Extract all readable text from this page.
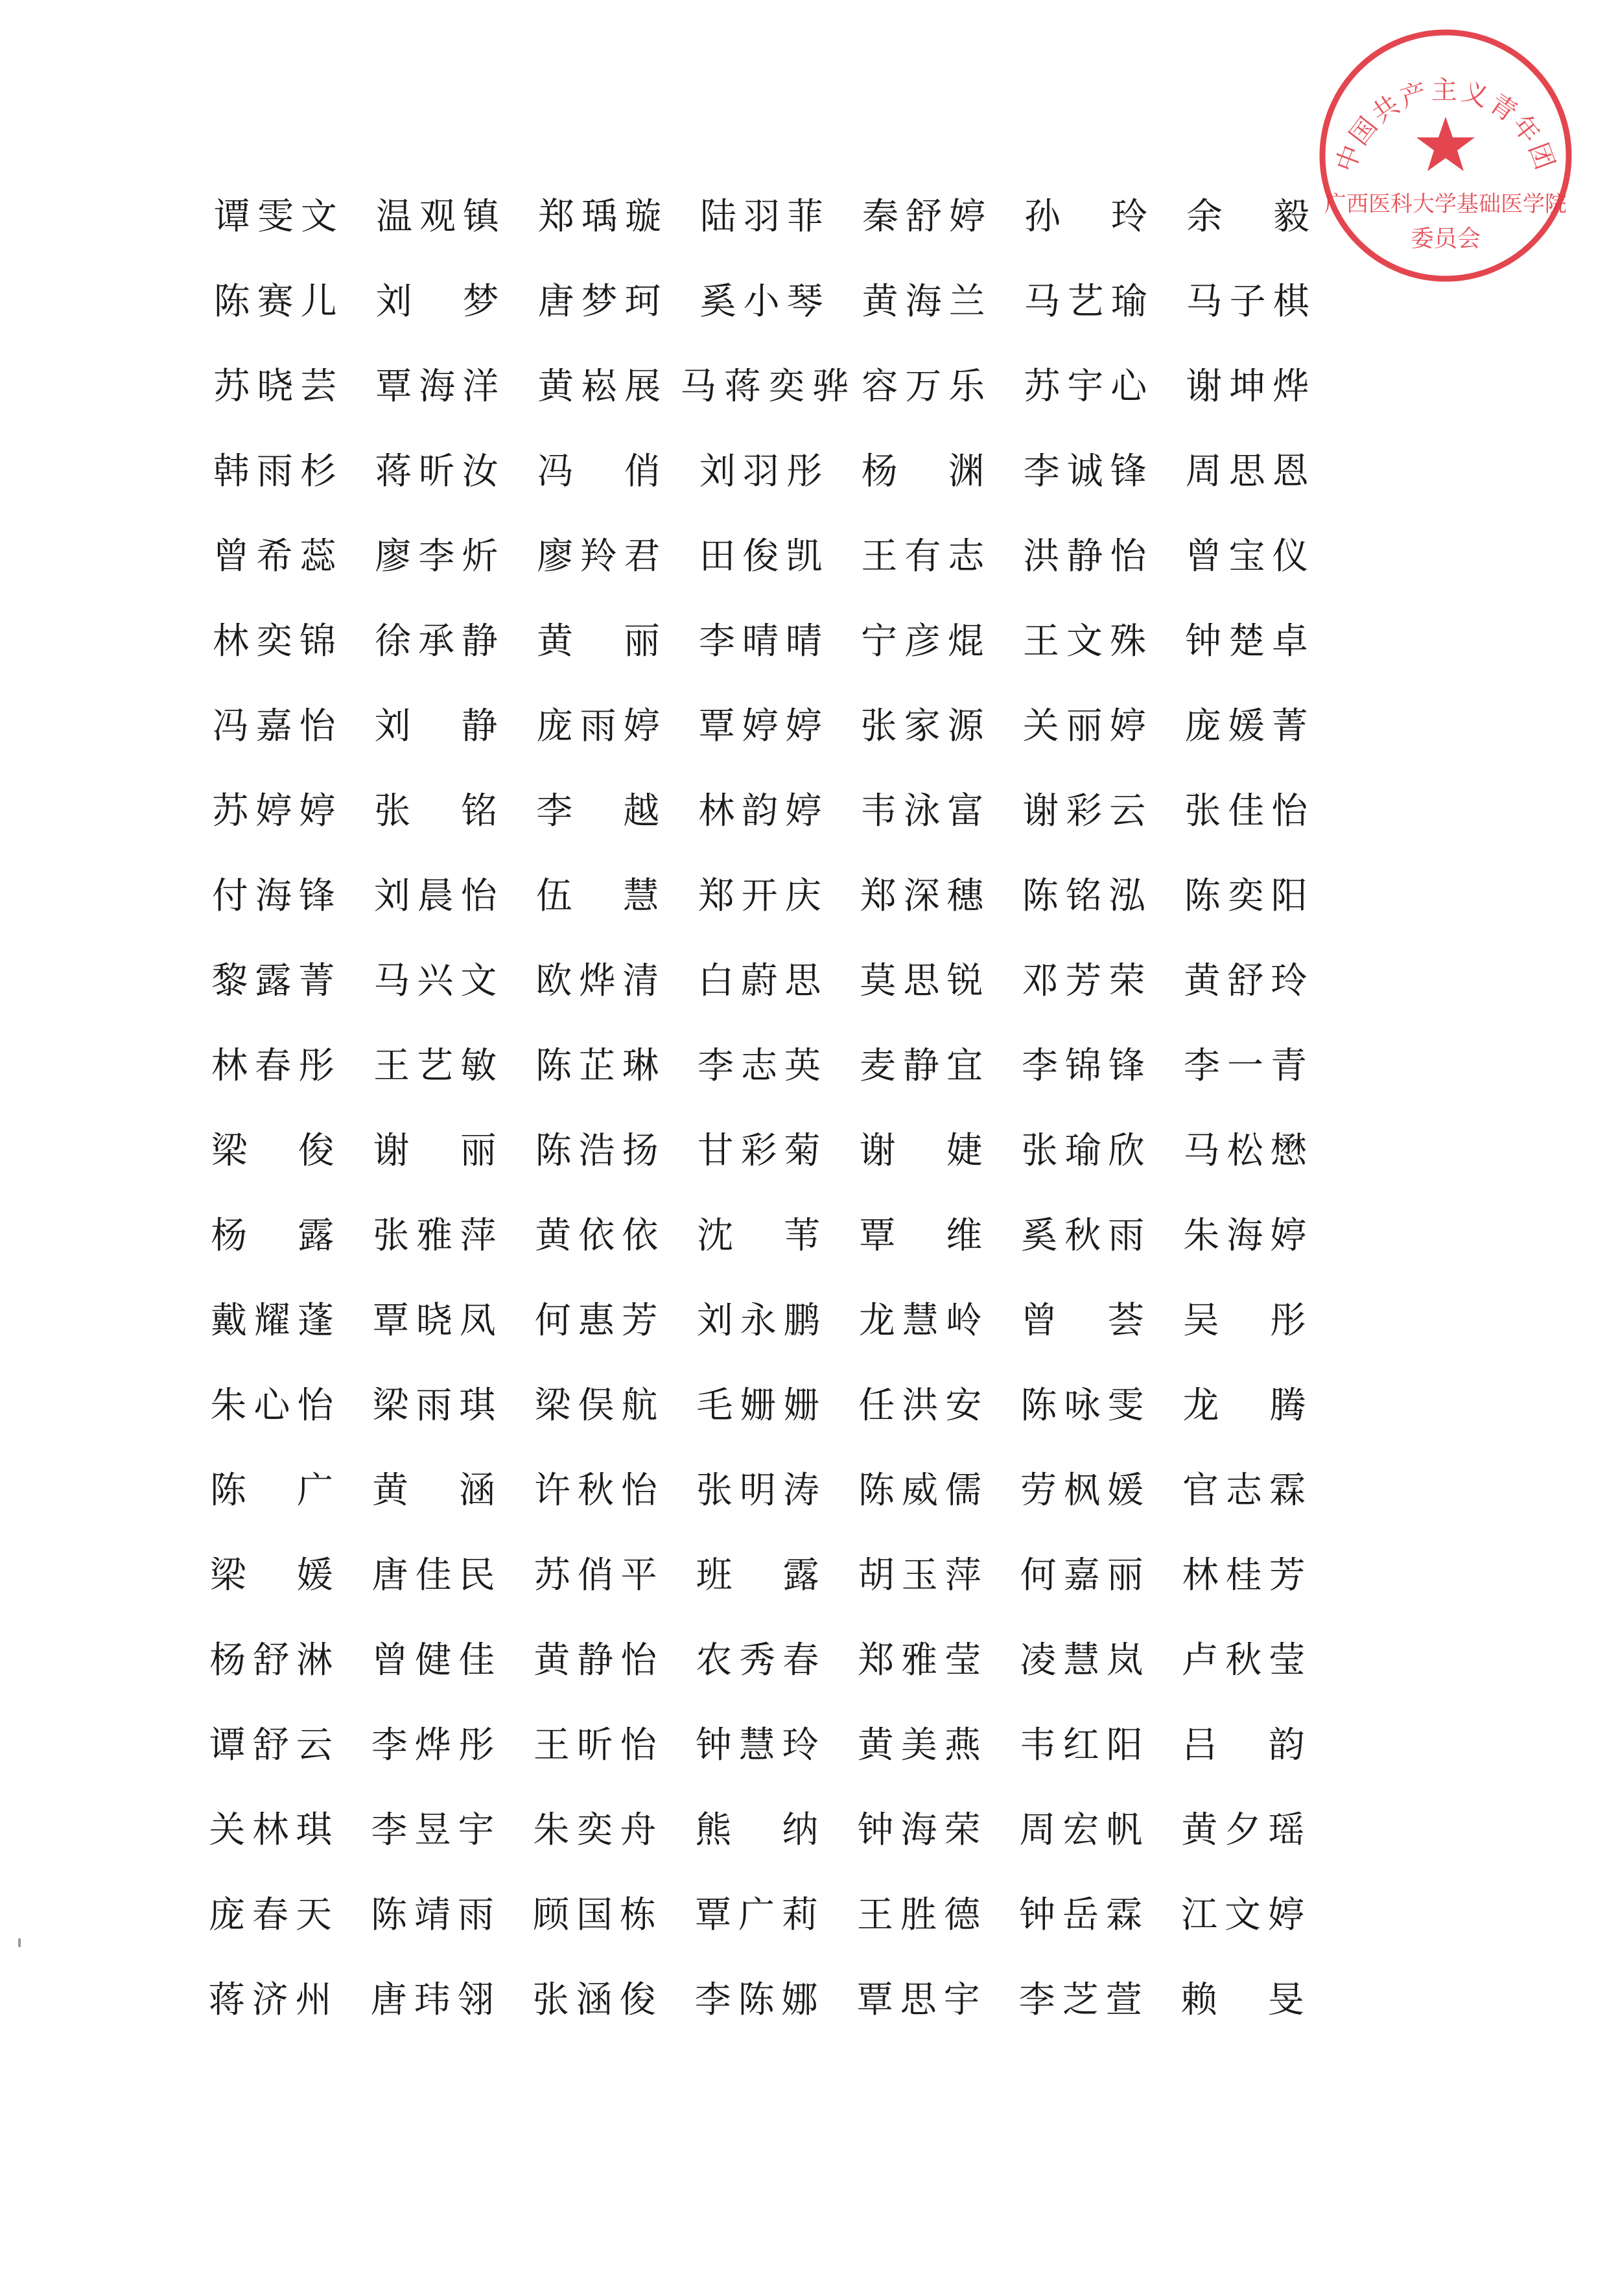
中国共产主义青年团
广西医科大学基础医学院
委员会
谭 雯 文 温 观 镇 郑 瑀 璇 陆 羽 菲 秦 舒 婷 孙 玲 余 毅
陈 赛 儿 刘 梦 唐 梦 珂 奚 小 琴 黄 海 兰 马 艺 瑜 马 子 棋
苏 晓 芸 覃 海 洋 黄 崧 展 马 蒋 奕 骅 容 万 乐 苏 宇 心 谢 坤 烨
韩 雨 杉 蒋 昕 汝 冯 俏 刘 羽 彤 杨 渊 李 诚 锋 周 思 恩
曾 希 蕊 廖 李 炘 廖 羚 君 田 俊 凯 王 有 志 洪 静 怡 曾 宝 仪
林 奕 锦 徐 承 静 黄 丽 李 晴 晴 宁 彦 焜 王 文 殊 钟 楚 卓
冯 嘉 怡 刘 静 庞 雨 婷 覃 婷 婷 张 家 源 关 丽 婷 庞 媛 菁
苏 婷 婷 张 铭 李 越 林 韵 婷 韦 泳 富 谢 彩 云 张 佳 怡
付 海 锋 刘 晨 怡 伍 慧 郑 开 庆 郑 深 穗 陈 铭 泓 陈 奕 阳
黎 露 菁 马 兴 文 欧 烨 清 白 蔚 思 莫 思 锐 邓 芳 荣 黄 舒 玲
林 春 彤 王 艺 敏 陈 芷 琳 李 志 英 麦 静 宜 李 锦 锋 李 一 青
梁 俊 谢 丽 陈 浩 扬 甘 彩 菊 谢 婕 张 瑜 欣 马 松 懋
杨 露 张 雅 萍 黄 依 依 沈 苇 覃 维 奚 秋 雨 朱 海 婷
戴 耀 蓬 覃 晓 凤 何 惠 芳 刘 永 鹏 龙 慧 岭 曾 荟 吴 彤
朱 心 怡 梁 雨 琪 梁 俣 航 毛 姗 姗 任 洪 安 陈 咏 雯 龙 腾
陈 广 黄 涵 许 秋 怡 张 明 涛 陈 威 儒 劳 枫 媛 官 志 霖
梁 媛 唐 佳 民 苏 俏 平 班 露 胡 玉 萍 何 嘉 丽 林 桂 芳
杨 舒 淋 曾 健 佳 黄 静 怡 农 秀 春 郑 雅 莹 凌 慧 岚 卢 秋 莹
谭 舒 云 李 烨 彤 王 昕 怡 钟 慧 玲 黄 美 燕 韦 红 阳 吕 韵
关 林 琪 李 昱 宇 朱 奕 舟 熊 纳 钟 海 荣 周 宏 帆 黄 夕 瑶
庞 春 天 陈 靖 雨 顾 国 栋 覃 广 莉 王 胜 德 钟 岳 霖 江 文 婷
蒋 济 州 唐 玮 翎 张 涵 俊 李 陈 娜 覃 思 宇 李 芝 萱 赖 旻
